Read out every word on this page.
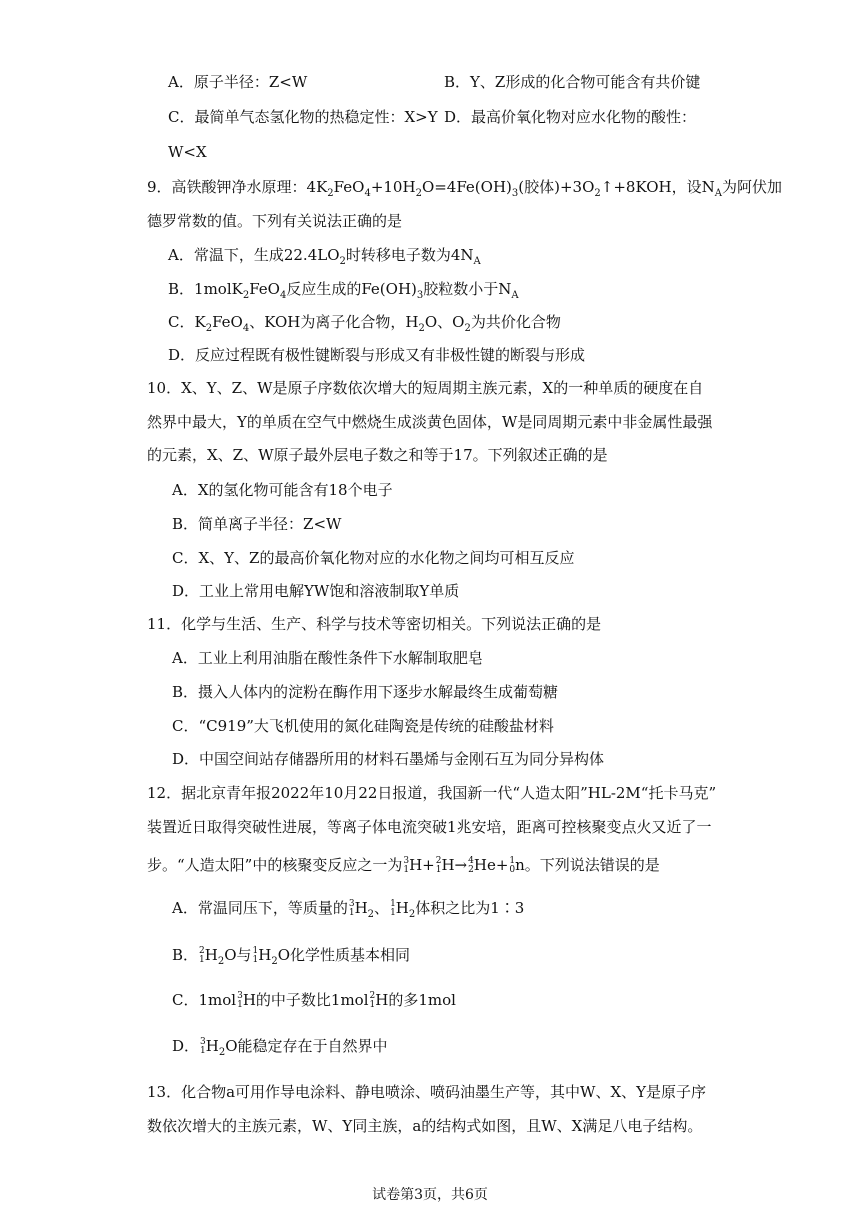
A．原子半径：Z<W	B．Y、Z形成的化合物可能含有共价键
C．最简单气态氢化物的热稳定性：X>Y D．最高价氧化物对应水化物的酸性：
W<X
9．高铁酸钾净水原理：$4K_2FeO_4+10H_2O=4Fe(OH)_3$(胶体)$+3O_2↑+8KOH$，设$N_A$为阿伏加
德罗常数的值。下列有关说法正确的是
A．常温下，生成$22.4LO_2$时转移电子数为$4N_A$
B．1molK$_2$FeO$_4$反应生成的$Fe(OH)_3$胶粒数小于$N_A$
C．$K_2FeO_4$、KOH为离子化合物，$H_2O$、$O_2$为共价化合物
D．反应过程既有极性键断裂与形成又有非极性键的断裂与形成
10．X、Y、Z、W是原子序数依次增大的短周期主族元素，X的一种单质的硬度在自
然界中最大，Y的单质在空气中燃烧生成淡黄色固体，W是同周期元素中非金属性最强
的元素，X、Z、W原子最外层电子数之和等于17。下列叙述正确的是
A．X的氢化物可能含有18个电子
B．简单离子半径：Z<W
C．X、Y、Z的最高价氧化物对应的水化物之间均可相互反应
D．工业上常用电解YW饱和溶液制取Y单质
11．化学与生活、生产、科学与技术等密切相关。下列说法正确的是
A．工业上利用油脂在酸性条件下水解制取肥皂
B．摄入人体内的淀粉在酶作用下逐步水解最终生成葡萄糖
C．“C919”大飞机使用的氮化硅陶瓷是传统的硅酸盐材料
D．中国空间站存储器所用的材料石墨烯与金刚石互为同分异构体
12．据北京青年报2022年10月22日报道，我国新一代“人造太阳”HL-2M“托卡马克”
装置近日取得突破性进展，等离子体电流突破1兆安培，距离可控核聚变点火又近了一
步。“人造太阳”中的核聚变反应之一为 3
1 H+ 2
1 H→ 4
2 He+ 1
0 n。下列说法错误的是
A．常温同压下，等质量的 3
1 $H_2$、 1
1 $H_2$体积之比为1∶3
B． 2
1 $H_2O$与 1
1 $H_2O$化学性质基本相同
C．1mol 3
1 H的中子数比1mol 2
1 H的多1mol
D． 3
1 $H_2O$能稳定存在于自然界中
13．化合物a可用作导电涂料、静电喷涂、喷码油墨生产等，其中W、X、Y是原子序
数依次增大的主族元素，W、Y同主族，a的结构式如图，且W、X满足八电子结构。
试卷第3页，共6页
